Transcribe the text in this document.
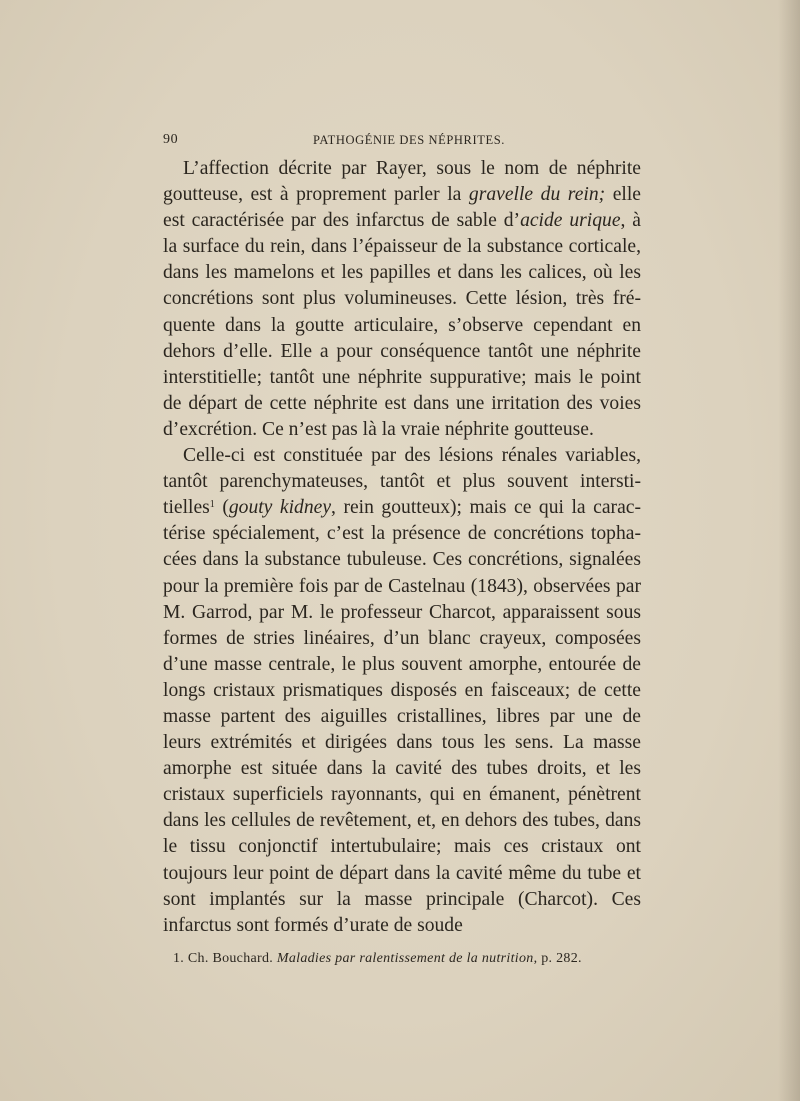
90	PATHOGÉNIE DES NÉPHRITES.

L’affection décrite par Rayer, sous le nom de néphrite goutteuse, est à proprement parler la gravelle du rein; elle est caractérisée par des infarctus de sable d’acide urique, à la surface du rein, dans l’épaisseur de la substance corticale, dans les mamelons et les papilles et dans les calices, où les concrétions sont plus volumineuses. Cette lésion, très fréquente dans la goutte articulaire, s’observe cependant en dehors d’elle. Elle a pour conséquence tantôt une néphrite interstitielle; tantôt une néphrite suppurative; mais le point de départ de cette néphrite est dans une irritation des voies d’excrétion. Ce n’est pas là la vraie néphrite goutteuse.

Celle-ci est constituée par des lésions rénales variables, tantôt parenchymateuses, tantôt et plus souvent interstitielles$^1$ (gouty kidney, rein goutteux); mais ce qui la caractérise spécialement, c’est la présence de concrétions tophacées dans la substance tubuleuse. Ces concrétions, signalées pour la première fois par de Castelnau (1843), observées par M. Garrod, par M. le professeur Charcot, apparaissent sous formes de stries linéaires, d’un blanc crayeux, composées d’une masse centrale, le plus souvent amorphe, entourée de longs cristaux prismatiques disposés en faisceaux; de cette masse partent des aiguilles cristallines, libres par une de leurs extrémités et dirigées dans tous les sens. La masse amorphe est située dans la cavité des tubes droits, et les cristaux superficiels rayonnants, qui en émanent, pénètrent dans les cellules de revêtement, et, en dehors des tubes, dans le tissu conjonctif intertubulaire; mais ces cristaux ont toujours leur point de départ dans la cavité même du tube et sont implantés sur la masse principale (Charcot). Ces infarctus sont formés d’urate de soude

1. Ch. Bouchard. Maladies par ralentissement de la nutrition, p. 282.
